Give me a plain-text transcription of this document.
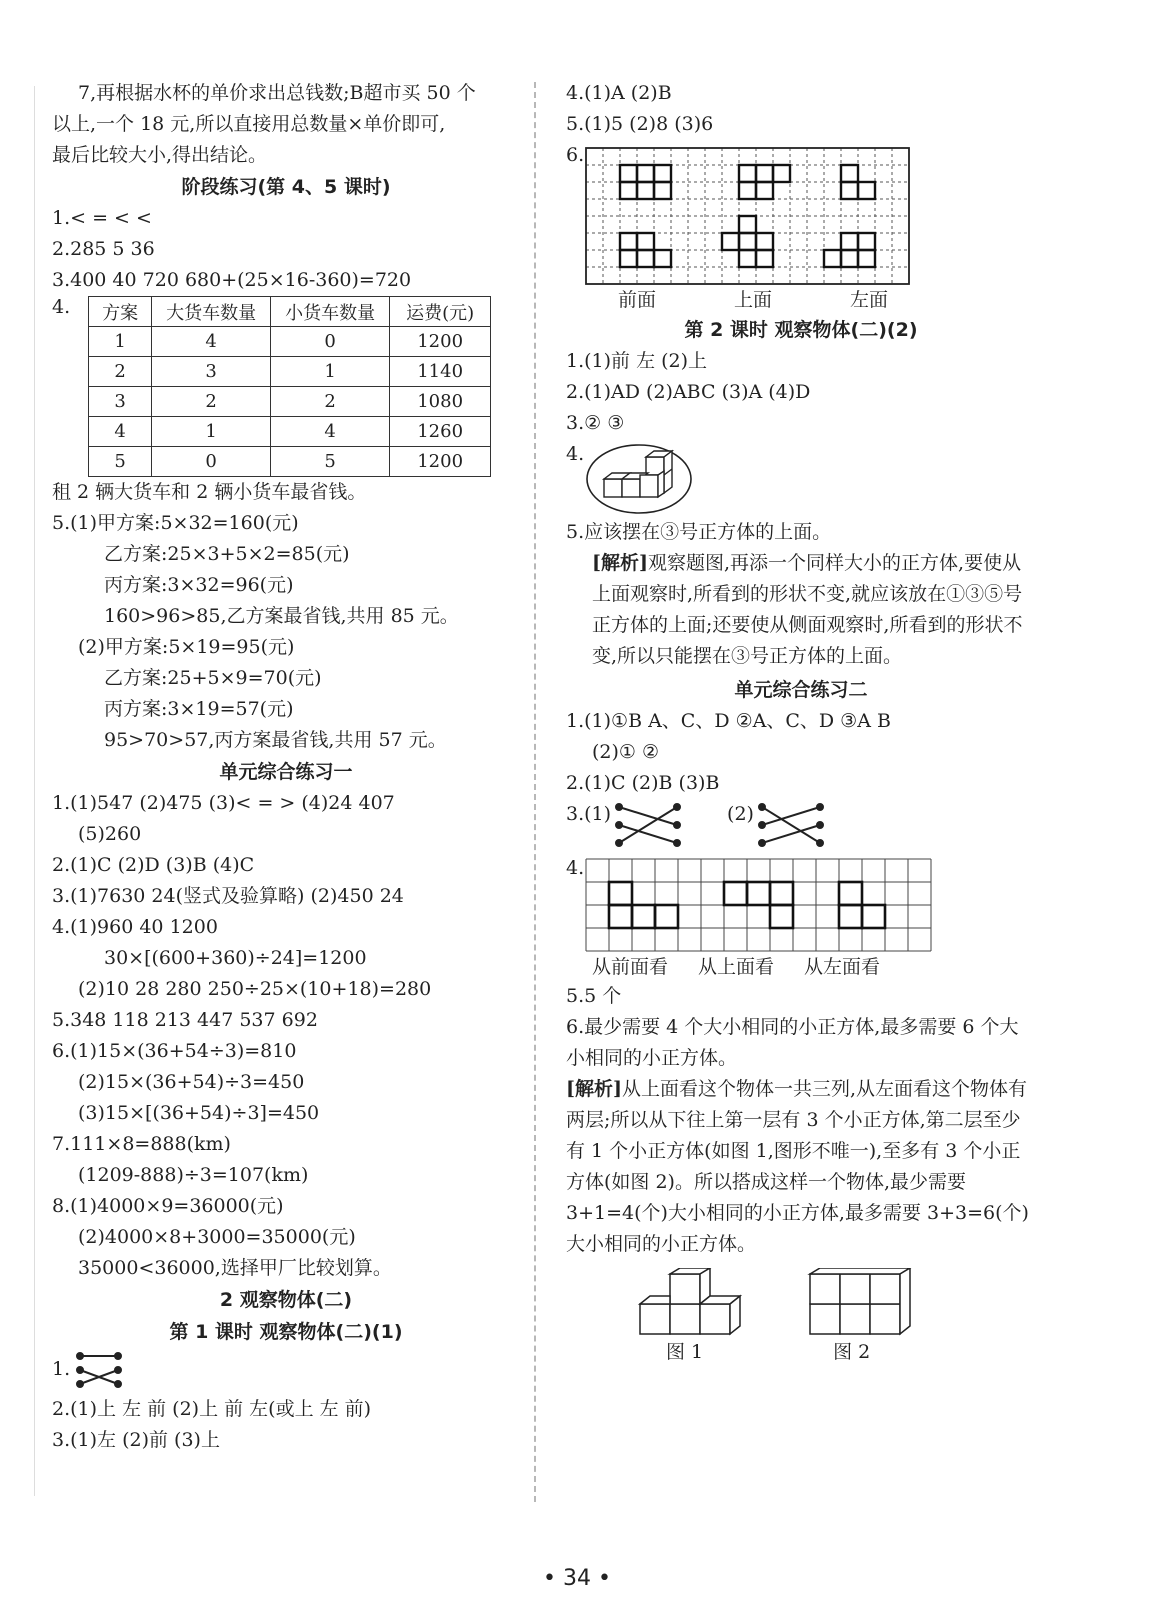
7,再根据水杯的单价求出总钱数;B超市买 50 个
以上,一个 18 元,所以直接用总数量×单价即可,
最后比较大小,得出结论。
阶段练习(第 4、5 课时)
1.< = < <
2.285 5 36
3.400 40 720 680+(25×16-360)=720
4. 方案	大货车数量	小货车数量	运费(元)
1	4	0	1200
2	3	1	1140
3	2	2	1080
4	1	4	1260
5	0	5	1200
租 2 辆大货车和 2 辆小货车最省钱。
5.(1)甲方案:5×32=160(元)
乙方案:25×3+5×2=85(元)
丙方案:3×32=96(元)
160>96>85,乙方案最省钱,共用 85 元。
(2)甲方案:5×19=95(元)
乙方案:25+5×9=70(元)
丙方案:3×19=57(元)
95>70>57,丙方案最省钱,共用 57 元。
单元综合练习一
1.(1)547 (2)475 (3)< = > (4)24 407
(5)260
2.(1)C (2)D (3)B (4)C
3.(1)7630 24(竖式及验算略) (2)450 24
4.(1)960 40 1200
30×[(600+360)÷24]=1200
(2)10 28 280 250÷25×(10+18)=280
5.348 118 213 447 537 692
6.(1)15×(36+54÷3)=810
(2)15×(36+54)÷3=450
(3)15×[(36+54)÷3]=450
7.111×8=888(km)
(1209-888)÷3=107(km)
8.(1)4000×9=36000(元)
(2)4000×8+3000=35000(元)
35000<36000,选择甲厂比较划算。
2 观察物体(二)
第 1 课时 观察物体(二)(1)
1.
2.(1)上 左 前 (2)上 前 左(或上 左 前)
3.(1)左 (2)前 (3)上
4.(1)A (2)B
5.(1)5 (2)8 (3)6
6.
前面	上面	左面
第 2 课时 观察物体(二)(2)
1.(1)前 左 (2)上
2.(1)AD (2)ABC (3)A (4)D
3.② ③
4.
5.应该摆在③号正方体的上面。
[解析]观察题图,再添一个同样大小的正方体,要使从上面观察时,所看到的形状不变,就应该放在①③⑤号正方体的上面;还要使从侧面观察时,所看到的形状不变,所以只能摆在③号正方体的上面。
单元综合练习二
1.(1)①B A、C、D ②A、C、D ③A B
(2)① ②
2.(1)C (2)B (3)B
3.(1)	(2)
4.
从前面看 从上面看 从左面看
5.5 个
6.最少需要 4 个大小相同的小正方体,最多需要 6 个大小相同的小正方体。
[解析]从上面看这个物体一共三列,从左面看这个物体有两层;所以从下往上第一层有 3 个小正方体,第二层至少有 1 个小正方体(如图 1,图形不唯一),至多有 3 个小正方体(如图 2)。所以搭成这样一个物体,最少需要 3+1=4(个)大小相同的小正方体,最多需要 3+3=6(个)大小相同的小正方体。
图 1	图 2
• 34 •
